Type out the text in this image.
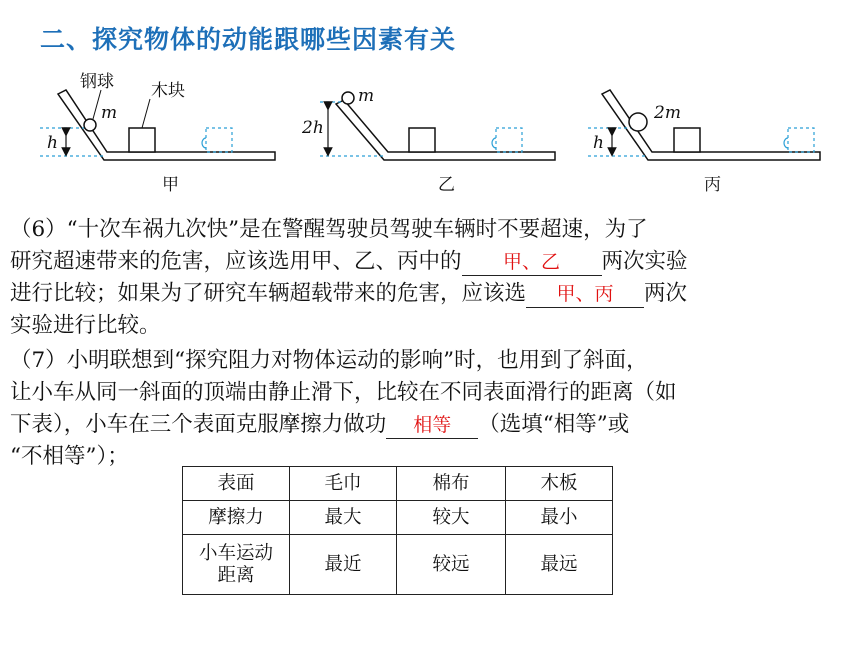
二、探究物体的动能跟哪些因素有关
h
钢球
m
木块
甲
2h
m
乙
h
2m
丙
（6）“十次车祸九次快”是在警醒驾驶员驾驶车辆时不要超速，为了
研究超速带来的危害，应该选用甲、乙、丙中的 甲、乙 两次实验
进行比较；如果为了研究车辆超载带来的危害，应该选 甲、丙 两次
实验进行比较。
（7）小明联想到“探究阻力对物体运动的影响”时，也用到了斜面，
让小车从同一斜面的顶端由静止滑下，比较在不同表面滑行的距离（如
下表），小车在三个表面克服摩擦力做功 相等 （选填“相等”或
“不相等”）；
表面	毛巾	棉布	木板
摩擦力	最大	较大	最小

小车运动
距离	最近	较远	最远
